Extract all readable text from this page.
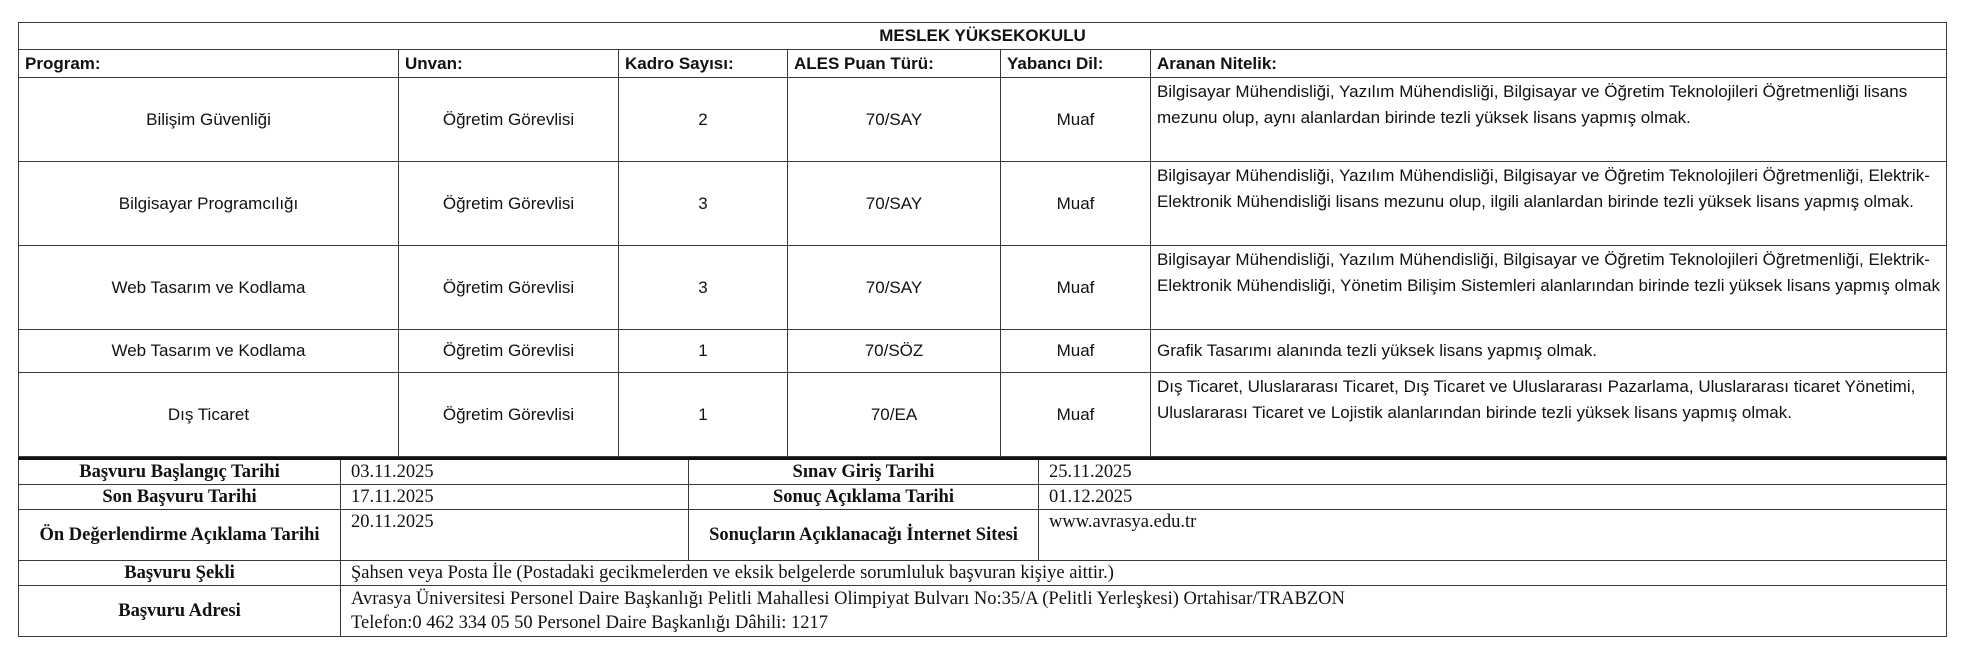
MESLEK YÜKSEKOKULU					
Program:	Unvan:	Kadro Sayısı:	ALES Puan Türü:	Yabancı Dil:	Aranan Nitelik:
Bilişim Güvenliği	Öğretim Görevlisi	2	70/SAY	Muaf	Bilgisayar Mühendisliği, Yazılım Mühendisliği, Bilgisayar ve Öğretim Teknolojileri Öğretmenliği lisans mezunu olup, aynı alanlardan birinde tezli yüksek lisans yapmış olmak.
Bilgisayar Programcılığı	Öğretim Görevlisi	3	70/SAY	Muaf	Bilgisayar Mühendisliği, Yazılım Mühendisliği, Bilgisayar ve Öğretim Teknolojileri Öğretmenliği, Elektrik-Elektronik Mühendisliği lisans mezunu olup, ilgili alanlardan birinde tezli yüksek lisans yapmış olmak.
Web Tasarım ve Kodlama	Öğretim Görevlisi	3	70/SAY	Muaf	Bilgisayar Mühendisliği, Yazılım Mühendisliği, Bilgisayar ve Öğretim Teknolojileri Öğretmenliği, Elektrik-Elektronik Mühendisliği, Yönetim Bilişim Sistemleri alanlarından birinde tezli yüksek lisans yapmış olmak
Web Tasarım ve Kodlama	Öğretim Görevlisi	1	70/SÖZ	Muaf	Grafik Tasarımı alanında tezli yüksek lisans yapmış olmak.
Dış Ticaret	Öğretim Görevlisi	1	70/EA	Muaf	Dış Ticaret, Uluslararası Ticaret, Dış Ticaret ve Uluslararası Pazarlama, Uluslararası ticaret Yönetimi, Uluslararası Ticaret ve Lojistik alanlarından birinde tezli yüksek lisans yapmış olmak.
Başvuru Başlangıç Tarihi	03.11.2025	Sınav Giriş Tarihi	25.11.2025
Son Başvuru Tarihi	17.11.2025	Sonuç Açıklama Tarihi	01.12.2025
Ön Değerlendirme Açıklama Tarihi	20.11.2025	Sonuçların Açıklanacağı İnternet Sitesi	www.avrasya.edu.tr
Başvuru Şekli	Şahsen veya Posta İle (Postadaki gecikmelerden ve eksik belgelerde sorumluluk başvuran kişiye aittir.)		
Başvuru Adresi	Avrasya Üniversitesi Personel Daire Başkanlığı Pelitli Mahallesi Olimpiyat Bulvarı No:35/A (Pelitli Yerleşkesi) Ortahisar/TRABZON
Telefon:0 462 334 05 50 Personel Daire Başkanlığı Dâhili: 1217		
